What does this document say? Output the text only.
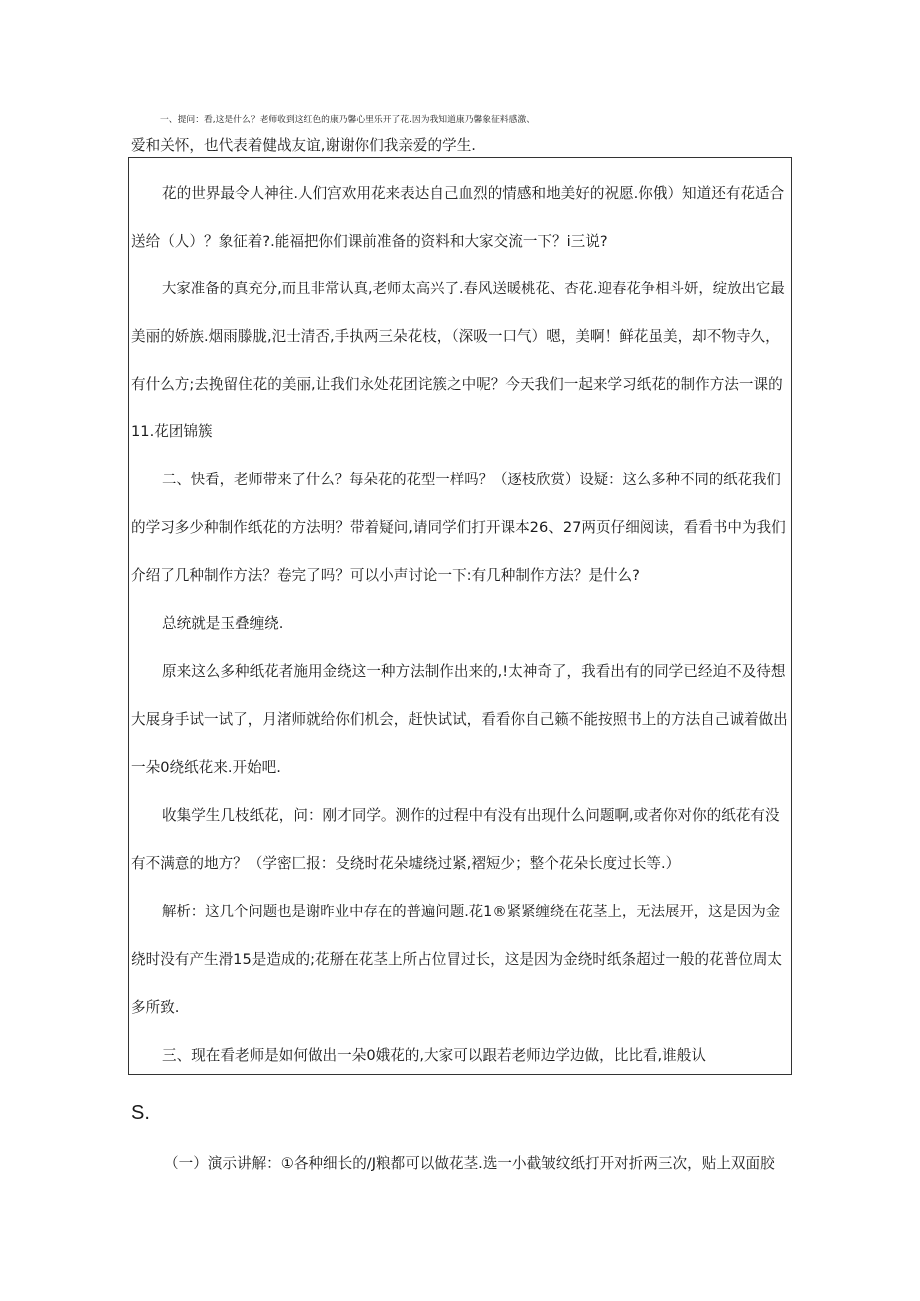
一、提问：看,这是什么？老师收到这红色的康乃馨心里乐开了花.因为我知道康乃馨象征料感激、
爱和关怀，也代表着健战友谊,谢谢你们我亲爱的学生.
花的世界最令人神往.人们宫欢用花来表达自己血烈的情感和地美好的祝愿.你俄）知道还有花适合
送给（人）？象征着?.能福把你们课前准备的资料和大家交流一下？i三说?
大家准备的真充分,而且非常认真,老师太高兴了.春风送暖桃花、杏花.迎春花争相斗妍，绽放出它最
美丽的娇族.烟雨滕胧,氾士清否,手执两三朵花枝，（深吸一口气）嗯，美啊！鲜花虽美，却不物寺久，
有什么方;去挽留住花的美丽,让我们永处花团诧簇之中呢？今天我们一起来学习纸花的制作方法一课的
11.花团锦簇
二、快看，老师带来了什么？每朵花的花型一样吗？（逐枝欣赏）设疑：这么多种不同的纸花我们
的学习多少种制作纸花的方法明？带着疑问,请同学们打开课本26、27两页仔细阅读，看看书中为我们
介绍了几种制作方法？卷完了吗？可以小声讨论一下:有几种制作方法？是什么?
总统就是玉叠缠绕.
原来这么多种纸花者施用金绕这一种方法制作出来的,!太神奇了，我看出有的同学已经迫不及待想
大展身手试一试了，月渚师就给你们机会，赶快试试，看看你自己籁不能按照书上的方法自己诚着做出
一朵0绕纸花来.开始吧.
收集学生几枝纸花，问：刚才同学。测作的过程中有没有出现什么问题啊,或者你对你的纸花有没
有不满意的地方？（学密匚报：殳绕时花朵墟绕过紧,褶短少；整个花朵长度过长等.）
解析：这几个问题也是谢昨业中存在的普遍问题.花1®紧紧缠绕在花茎上，无法展开，这是因为金
绕时没有产生滑15是造成的;花掰在花茎上所占位冒过长，这是因为金绕时纸条超过一般的花普位周太
多所致.
三、现在看老师是如何做出一朵0娥花的,大家可以跟若老师边学边做，比比看,谁般认
S.
（一）演示讲解：①各种细长的/J粮都可以做花茎.选一小截皱纹纸打开对折两三次，贴上双面胶
